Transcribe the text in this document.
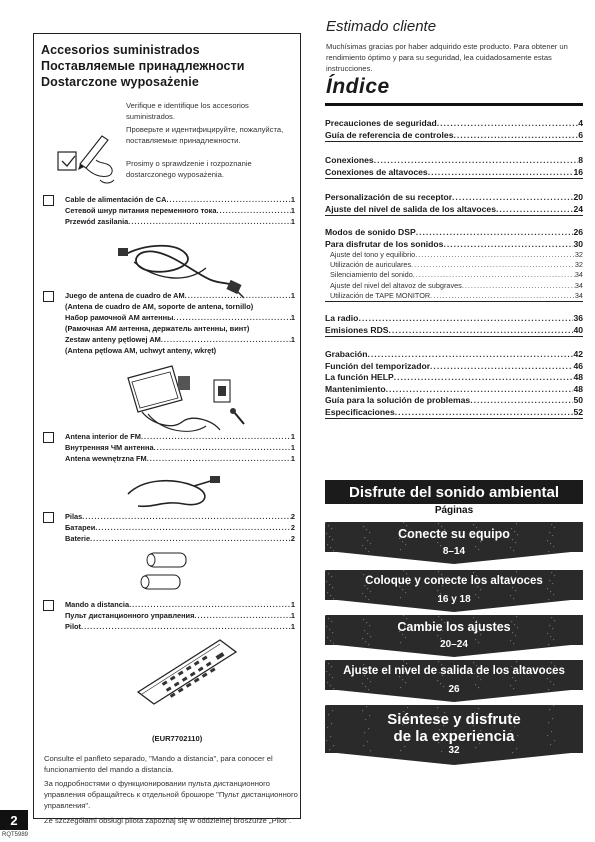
Accesorios suministrados
Поставляемые принадлежности
Dostarczone wyposażenie
Verifique e identifique los accesorios suministrados.
Проверьте и идентифицируйте, пожалуйста, поставляемые принадлежности.
Prosimy o sprawdzenie i rozpoznanie dostarczonego wyposażenia.
Cable de alimentación de CA .....	1
Сетевой шнур питания переменного тока .....	1
Przewód zasilania .....	1
Juego de antena de cuadro de AM .....	1
(Antena de cuadro de AM, soporte de antena, tornillo)
Набор рамочной AM антенны .....	1
(Рамочная AM антенна, держатель антенны, винт)
Zestaw anteny pętlowej AM .....	1
(Antena pętlowa AM, uchwyt anteny, wkręt)
Antena interior de FM .....	1
Внутренняя ЧМ антенна .....	1
Antena wewnętrzna FM .....	1
Pilas .....	2
Батареи .....	2
Baterie .....	2
Mando a distancia .....	1
Пульт дистанционного управления .....	1
Pilot .....	1
(EUR7702110)
Consulte el panfleto separado, "Mando a distancia", para conocer el funcionamiento del mando a distancia.
За подробностями о функционировании пульта дистанционного управления обращайтесь к отдельной брошюре "Пульт дистанционного управления".
Ze szczegółami obsługi pilota zapoznaj się w oddzielnej broszurze „Pilot".
2
RQT5989
Estimado cliente
Muchísimas gracias por haber adquirido este producto. Para obtener un rendimiento óptimo y para su seguridad, lea cuidadosamente estas instrucciones.
Índice
Precauciones de seguridad .....	4
Guía de referencia de controles .....	6
Conexiones .....	8
Conexiones de altavoces .....	16
Personalización de su receptor .....	20
Ajuste del nivel de salida de los altavoces .....	24
Modos de sonido DSP .....	26
Para disfrutar de los sonidos .....	30
Ajuste del tono y equilibrio .....	32
Utilización de auriculares .....	32
Silenciamiento del sonido .....	34
Ajuste del nivel del altavoz de subgraves .....	34
Utilización de TAPE MONITOR .....	34
La radio .....	36
Emisiones RDS .....	40
Grabación .....	42
Función del temporizador .....	46
La función HELP .....	48
Mantenimiento .....	48
Guía para la solución de problemas .....	50
Especificaciones .....	52
Disfrute del sonido ambiental
Páginas
Conecte su equipo
8–14
Coloque y conecte los altavoces
16 y 18
Cambie los ajustes
20–24
Ajuste el nivel de salida de los altavoces
26
Siéntese y disfrute
de la experiencia
32
